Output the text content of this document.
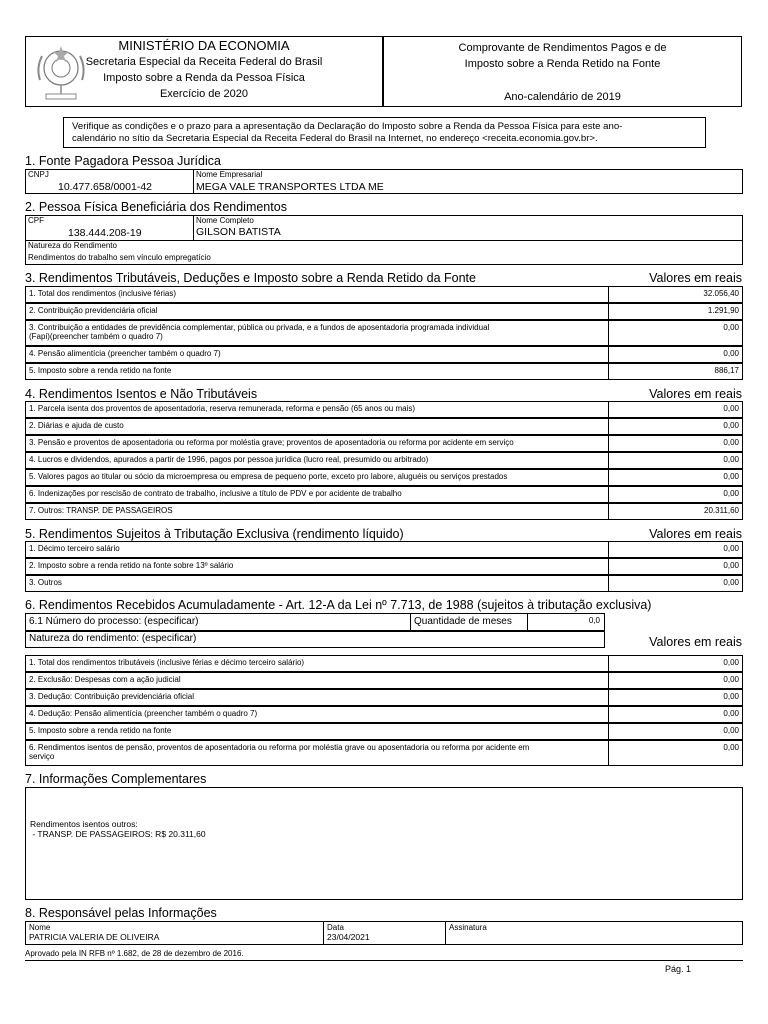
MINISTÉRIO DA ECONOMIA
Secretaria Especial da Receita Federal do Brasil
Imposto sobre a Renda da Pessoa Física
Exercício de 2020
Comprovante de Rendimentos Pagos e de
Imposto sobre a Renda Retido na Fonte
Ano-calendário de 2019
Verifique as condições e o prazo para a apresentação da Declaração do Imposto sobre a Renda da Pessoa Física para este ano-
calendário no sítio da Secretaria Especial da Receita Federal do Brasil na Internet, no endereço <receita.economia.gov.br>.
1. Fonte Pagadora Pessoa Jurídica
CNPJ
10.477.658/0001-42
Nome Empresarial
MEGA VALE TRANSPORTES LTDA ME
2. Pessoa Física Beneficiária dos Rendimentos
CPF
138.444.208-19
Nome Completo
GILSON BATISTA
Natureza do Rendimento
Rendimentos do trabalho sem vínculo empregatício
3. Rendimentos Tributáveis, Deduções e Imposto sobre a Renda Retido da Fonte	Valores em reais
1. Total dos rendimentos (inclusive férias)	32.056,40
2. Contribuição previdenciária oficial	1.291,90
3. Contribuição a entidades de previdência complementar, pública ou privada, e a fundos de aposentadoria programada individual
(Fapi)(preencher também o quadro 7)
0,00
4. Pensão alimentícia (preencher também o quadro 7)	0,00
5. Imposto sobre a renda retido na fonte	886,17
4. Rendimentos Isentos e Não Tributáveis	Valores em reais
1. Parcela isenta dos proventos de aposentadoria, reserva remunerada, reforma e pensão (65 anos ou mais)	0,00
2. Diárias e ajuda de custo	0,00
3. Pensão e proventos de aposentadoria ou reforma por moléstia grave; proventos de aposentadoria ou reforma por acidente em serviço	0,00
4. Lucros e dividendos, apurados a partir de 1996, pagos por pessoa jurídica (lucro real, presumido ou arbitrado)	0,00
5. Valores pagos ao titular ou sócio da microempresa ou empresa de pequeno porte, exceto pro labore, aluguéis ou serviços prestados	0,00
6. Indenizações por rescisão de contrato de trabalho, inclusive a título de PDV e por acidente de trabalho	0,00
7. Outros: TRANSP. DE PASSAGEIROS	20.311,60
5. Rendimentos Sujeitos à Tributação Exclusiva (rendimento líquido)	Valores em reais
1. Décimo terceiro salário	0,00
2. Imposto sobre a renda retido na fonte sobre 13º salário	0,00
3. Outros	0,00
6. Rendimentos Recebidos Acumuladamente - Art. 12-A da Lei nº 7.713, de 1988 (sujeitos à tributação exclusiva)
6.1 Número do processo: (especificar)	Quantidade de meses	0,0
Natureza do rendimento: (especificar)	Valores em reais
1. Total dos rendimentos tributáveis (inclusive férias e décimo terceiro salário)	0,00
2. Exclusão: Despesas com a ação judicial	0,00
3. Dedução: Contribuição previdenciária oficial	0,00
4. Dedução: Pensão alimentícia (preencher também o quadro 7)	0,00
5. Imposto sobre a renda retido na fonte	0,00
6. Rendimentos isentos de pensão, proventos de aposentadoria ou reforma por moléstia grave ou aposentadoria ou reforma por acidente em
serviço
0,00
7. Informações Complementares
Rendimentos isentos outros:
- TRANSP. DE PASSAGEIROS: R$ 20.311,60
8. Responsável pelas Informações
Nome
PATRICIA VALERIA DE OLIVEIRA
Data
23/04/2021
Assinatura
Aprovado pela IN RFB nº 1.682, de 28 de dezembro de 2016.
Pág. 1
